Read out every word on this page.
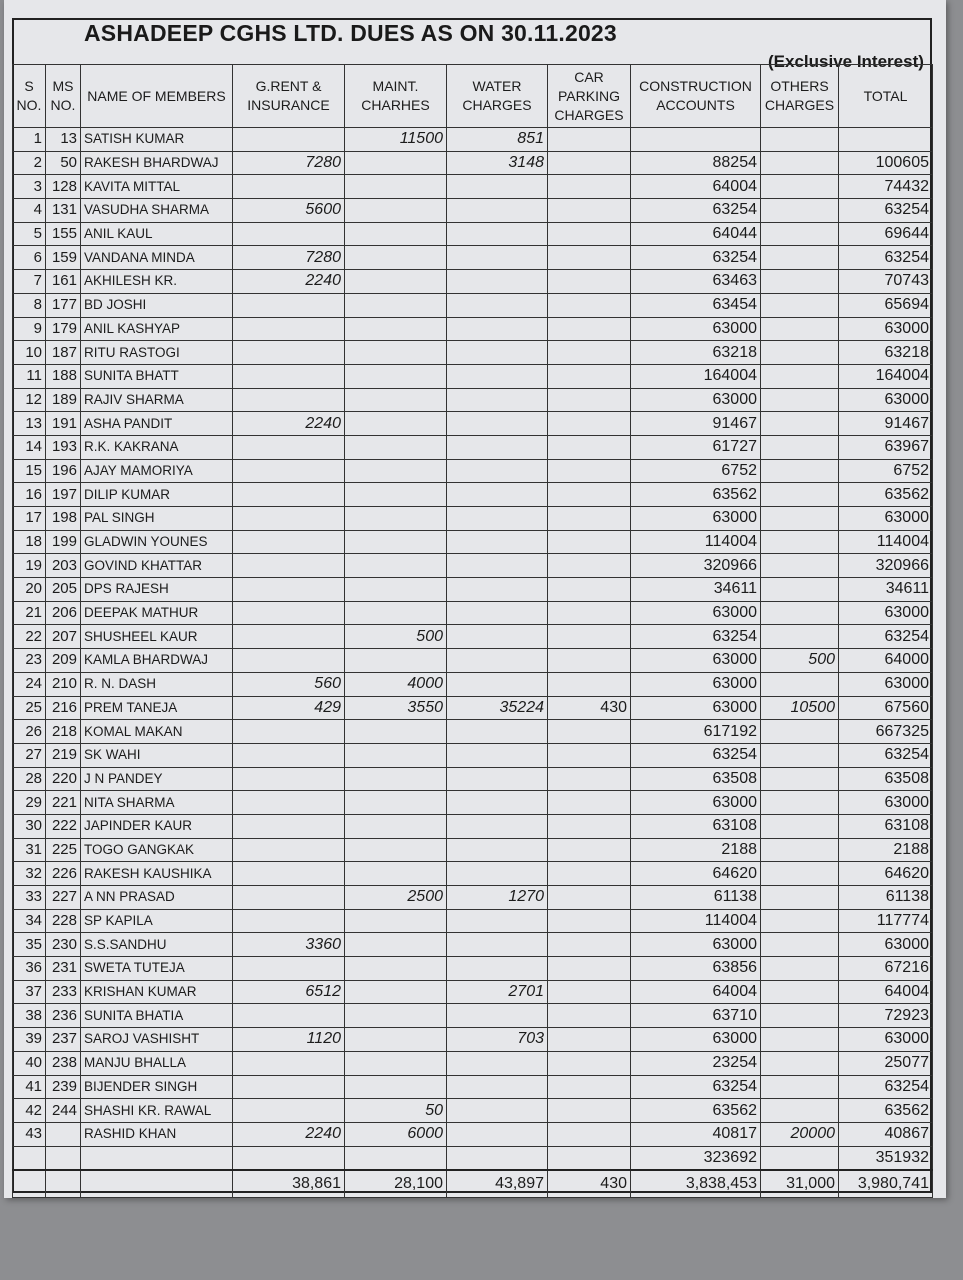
ASHADEEP CGHS LTD. DUES AS ON 30.11.2023
(Exclusive Interest)
S NO.	MS NO.	NAME OF MEMBERS	G.RENT & INSURANCE	MAINT. CHARHES	WATER CHARGES	CAR PARKING CHARGES	CONSTRUCTION ACCOUNTS	OTHERS CHARGES	TOTAL
1	13	SATISH KUMAR		11500	851				
2	50	RAKESH BHARDWAJ	7280		3148		88254		100605
3	128	KAVITA MITTAL					64004		74432
4	131	VASUDHA SHARMA	5600				63254		63254
5	155	ANIL KAUL					64044		69644
6	159	VANDANA MINDA	7280				63254		63254
7	161	AKHILESH KR.	2240				63463		70743
8	177	BD JOSHI					63454		65694
9	179	ANIL KASHYAP					63000		63000
10	187	RITU RASTOGI					63218		63218
11	188	SUNITA BHATT					164004		164004
12	189	RAJIV SHARMA					63000		63000
13	191	ASHA PANDIT	2240				91467		91467
14	193	R.K. KAKRANA					61727		63967
15	196	AJAY MAMORIYA					6752		6752
16	197	DILIP KUMAR					63562		63562
17	198	PAL SINGH					63000		63000
18	199	GLADWIN YOUNES					114004		114004
19	203	GOVIND KHATTAR					320966		320966
20	205	DPS RAJESH					34611		34611
21	206	DEEPAK MATHUR					63000		63000
22	207	SHUSHEEL KAUR		500			63254		63254
23	209	KAMLA BHARDWAJ					63000	500	64000
24	210	R. N. DASH	560	4000			63000		63000
25	216	PREM TANEJA	429	3550	35224	430	63000	10500	67560
26	218	KOMAL MAKAN					617192		667325
27	219	SK WAHI					63254		63254
28	220	J N PANDEY					63508		63508
29	221	NITA SHARMA					63000		63000
30	222	JAPINDER KAUR					63108		63108
31	225	TOGO GANGKAK					2188		2188
32	226	RAKESH KAUSHIKA					64620		64620
33	227	A NN PRASAD		2500	1270		61138		61138
34	228	SP KAPILA					114004		117774
35	230	S.S.SANDHU	3360				63000		63000
36	231	SWETA TUTEJA					63856		67216
37	233	KRISHAN KUMAR	6512		2701		64004		64004
38	236	SUNITA BHATIA					63710		72923
39	237	SAROJ VASHISHT	1120		703		63000		63000
40	238	MANJU BHALLA					23254		25077
41	239	BIJENDER SINGH					63254		63254
42	244	SHASHI KR. RAWAL		50			63562		63562
43		RASHID KHAN	2240	6000			40817	20000	40867
							323692		351932
			38,861	28,100	43,897	430	3,838,453	31,000	3,980,741
